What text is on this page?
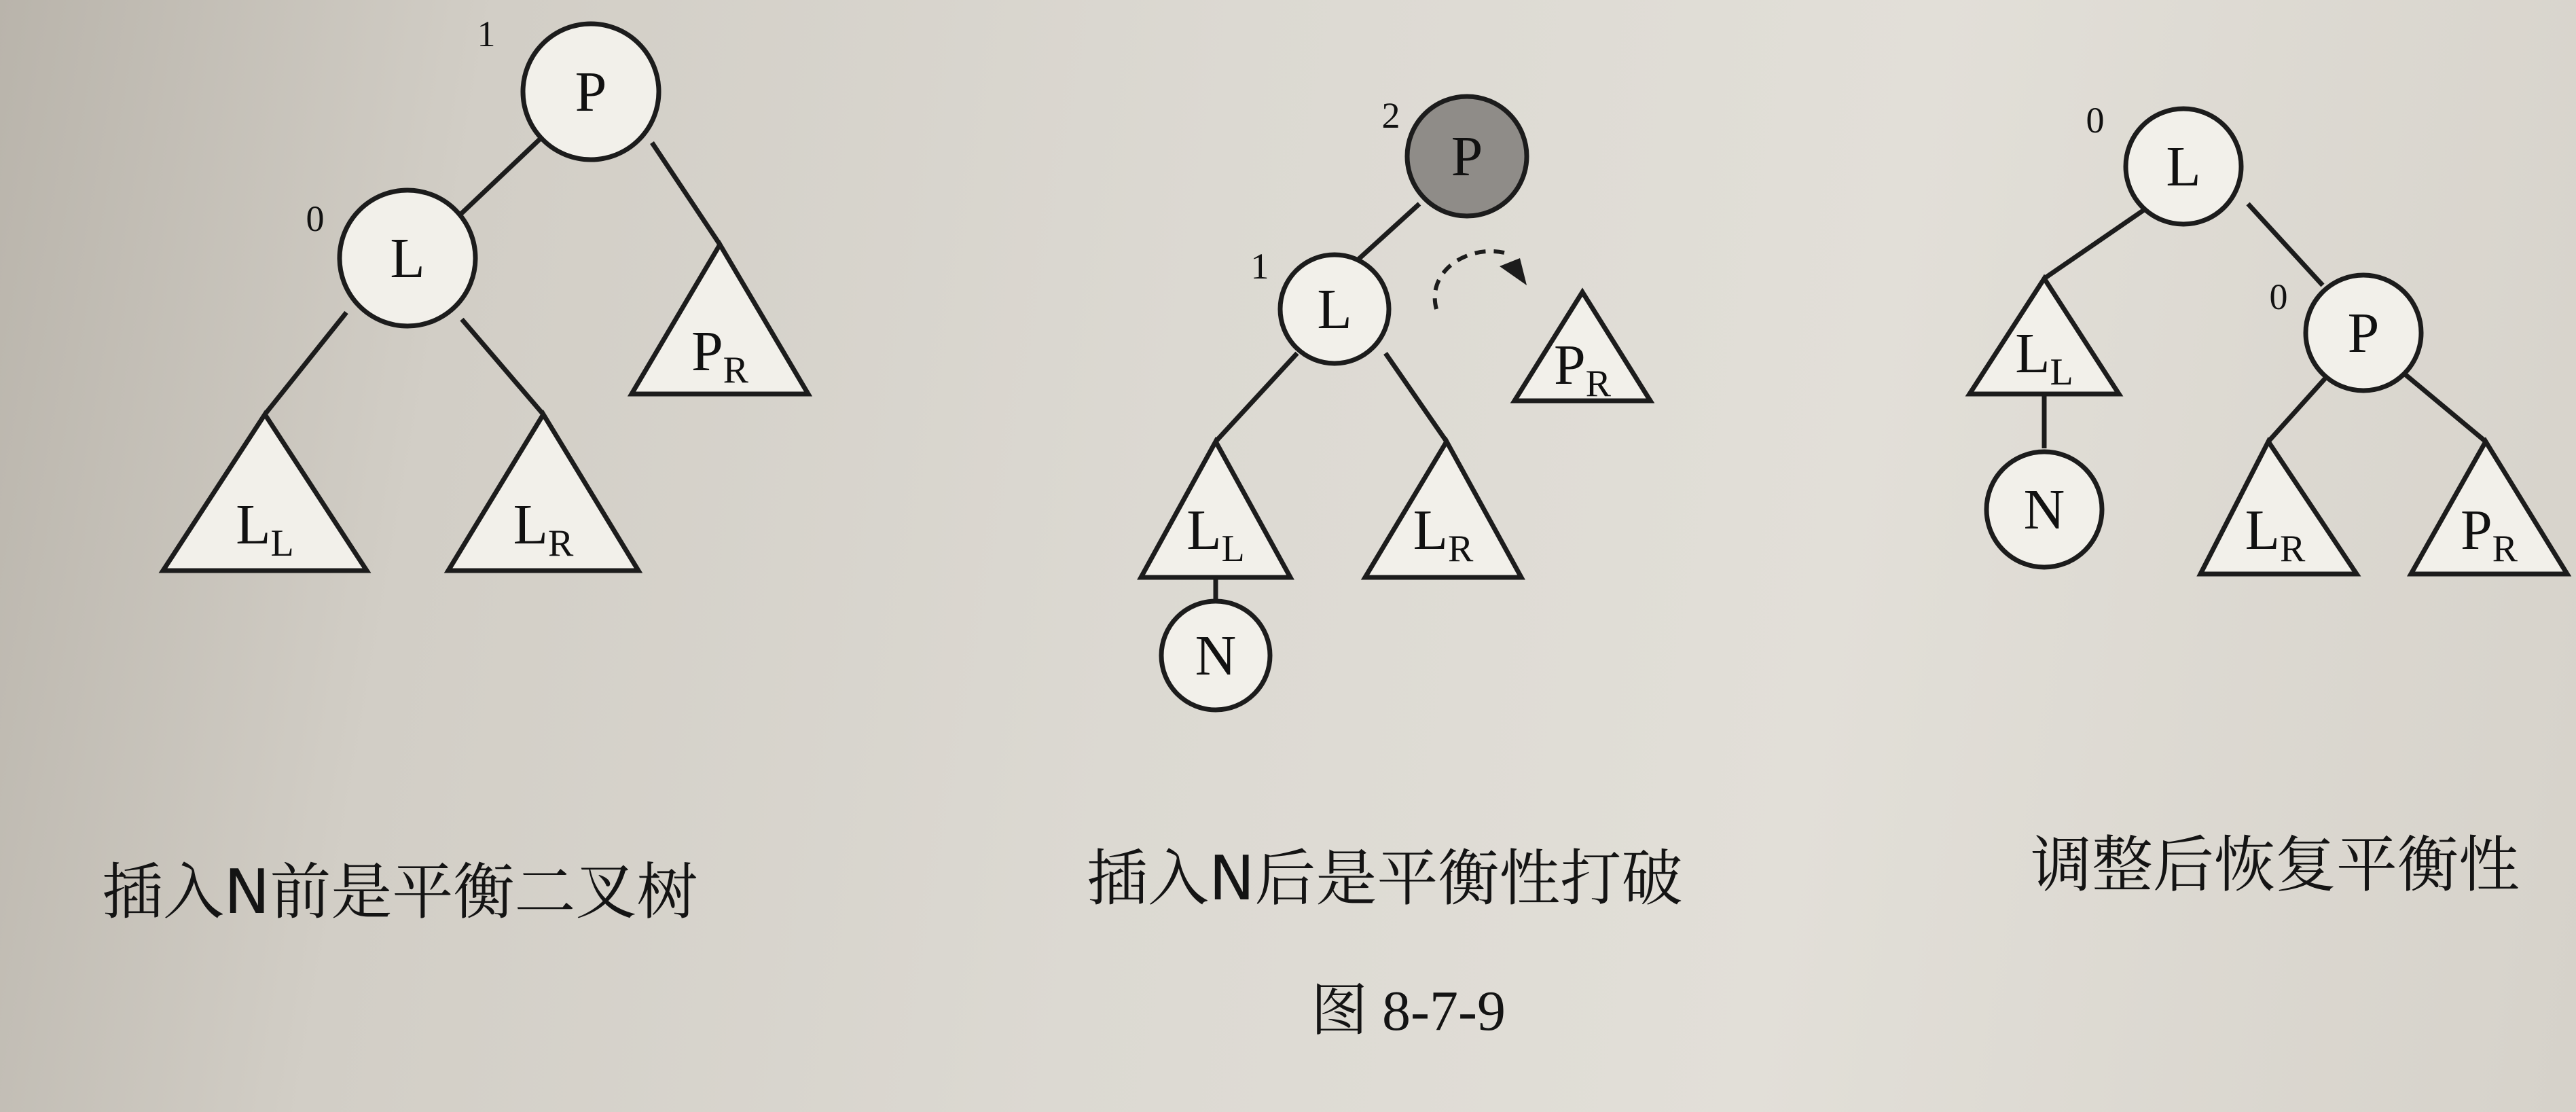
P
1
L
0
PR
LL	LR
P
2
L
1
N
PR
LL	LR
L
0
P
0
N
LL
LR	PR
插入N前是平衡二叉树	插入N后是平衡性打破	调整后恢复平衡性
图 8-7-9
